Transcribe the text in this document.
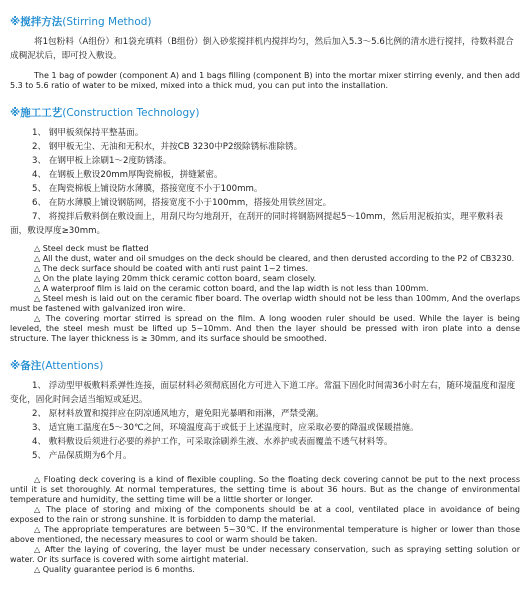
※搅拌方法(Stirring Method)

将1包粉料（A组份）和1袋充填料（B组份）倒入砂浆搅拌机内搅拌均匀，然后加入5.3～5.6比例的清水进行搅拌，待数料混合成稠泥状后，即可投入敷设。

The 1 bag of powder (component A) and 1 bags filling (component B) into the mortar mixer stirring evenly, and then add 5.3 to 5.6 ratio of water to be mixed, mixed into a thick mud, you can put into the installation.

※施工工艺(Construction Technology)

1、 钢甲板须保持平整基面。

2、 钢甲板无尘、无油和无积水，并按CB 3230中P2级除锈标准除锈。

3、 在钢甲板上涂刷1～2度防锈漆。

4、 在钢板上敷设20mm厚陶瓷棉板，拼缝紧密。

5、 在陶瓷棉板上铺设防水薄膜，搭接宽度不小于100mm。

6、 在防水薄膜上铺设钢筋网，搭接宽度不小于100mm，搭接处用铁丝固定。

7、 将搅拌后敷料倒在敷设面上，用刮尺均匀地刮开，在刮开的同时将钢筋网提起5～10mm，然后用泥板拍实，理平敷料表面，敷设厚度≥30mm。

△ Steel deck must be flatted

△ All the dust, water and oil smudges on the deck should be cleared, and then derusted according to the P2 of CB3230.

△ The deck surface should be coated with anti rust paint 1~2 times.

△ On the plate laying 20mm thick ceramic cotton board, seam closely.

△ A waterproof film is laid on the ceramic cotton board, and the lap width is not less than 100mm.

△ Steel mesh is laid out on the ceramic fiber board. The overlap width should not be less than 100mm, And the overlaps must be fastened with galvanized iron wire.

△ The covering mortar stirred is spread on the film. A long wooden ruler should be used. While the layer is being leveled, the steel mesh must be lifted up 5~10mm. And then the layer should be pressed with iron plate into a dense structure. The layer thickness is ≥ 30mm, and its surface should be smoothed.

※备注(Attentions)

1、 浮动型甲板敷料系弹性连接，面层材料必须彻底固化方可进入下道工序。常温下固化时间需36小时左右，随环境温度和湿度变化，固化时间会适当缩短或延迟。

2、 原材料放置和搅拌应在阴凉通风地方，避免阳光暴晒和雨淋，严禁受潮。

3、 适宜施工温度在5～30℃之间，环境温度高于或低于上述温度时，应采取必要的降温或保暖措施。

4、 敷料敷设后须进行必要的养护工作，可采取涂刷养生液、水养护或表面覆盖不透气材料等。

5、 产品保质期为6个月。

△ Floating deck covering is a kind of flexible coupling. So the floating deck covering cannot be put to the next process until it is set thoroughly. At normal temperatures, the setting time is about 36 hours. But as the change of environmental temperature and humidity, the setting time will be a little shorter or longer.

△ The place of storing and mixing of the components should be at a cool, ventilated place in avoidance of being exposed to the rain or strong sunshine. It is forbidden to damp the material.

△ The appropriate temperatures are between 5~30℃. If the environmental temperature is higher or lower than those above mentioned, the necessary measures to cool or warm should be taken.

△ After the laying of covering, the layer must be under necessary conservation, such as spraying setting solution or water. Or its surface is covered with some airtight material.

△ Quality guarantee period is 6 months.
